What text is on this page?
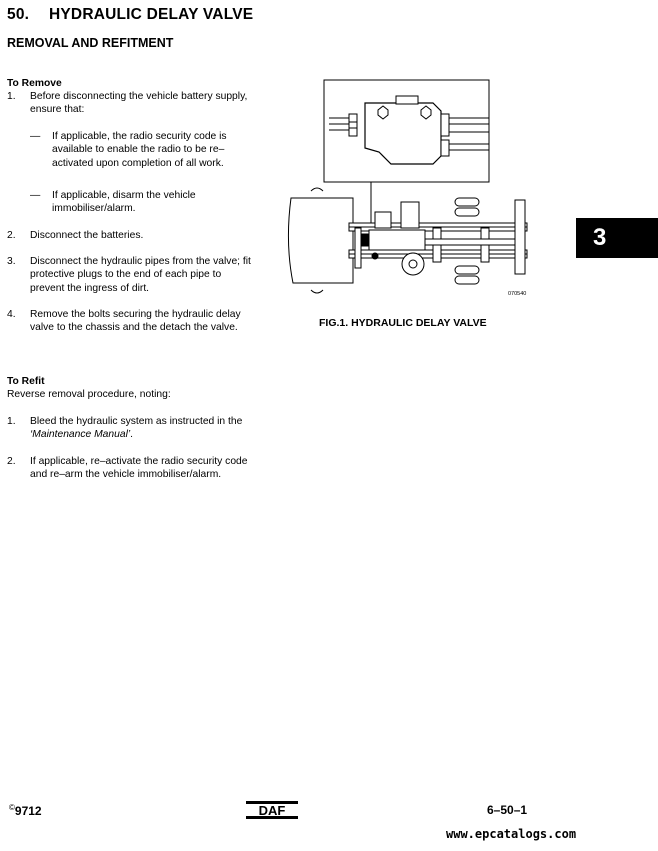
50. HYDRAULIC DELAY VALVE
REMOVAL AND REFITMENT
To Remove
1. Before disconnecting the vehicle battery supply, ensure that:
— If applicable, the radio security code is available to enable the radio to be re–activated upon completion of all work.
— If applicable, disarm the vehicle immobiliser/alarm.
2. Disconnect the batteries.
3. Disconnect the hydraulic pipes from the valve; fit protective plugs to the end of each pipe to prevent the ingress of dirt.
4. Remove the bolts securing the hydraulic delay valve to the chassis and the detach the valve.
To Refit
Reverse removal procedure, noting:
1. Bleed the hydraulic system as instructed in the ‘Maintenance Manual’.
2. If applicable, re–activate the radio security code and re–arm the vehicle immobiliser/alarm.
070540
FIG.1. HYDRAULIC DELAY VALVE
3
©9712	DAF	6–50–1
www.epcatalogs.com
